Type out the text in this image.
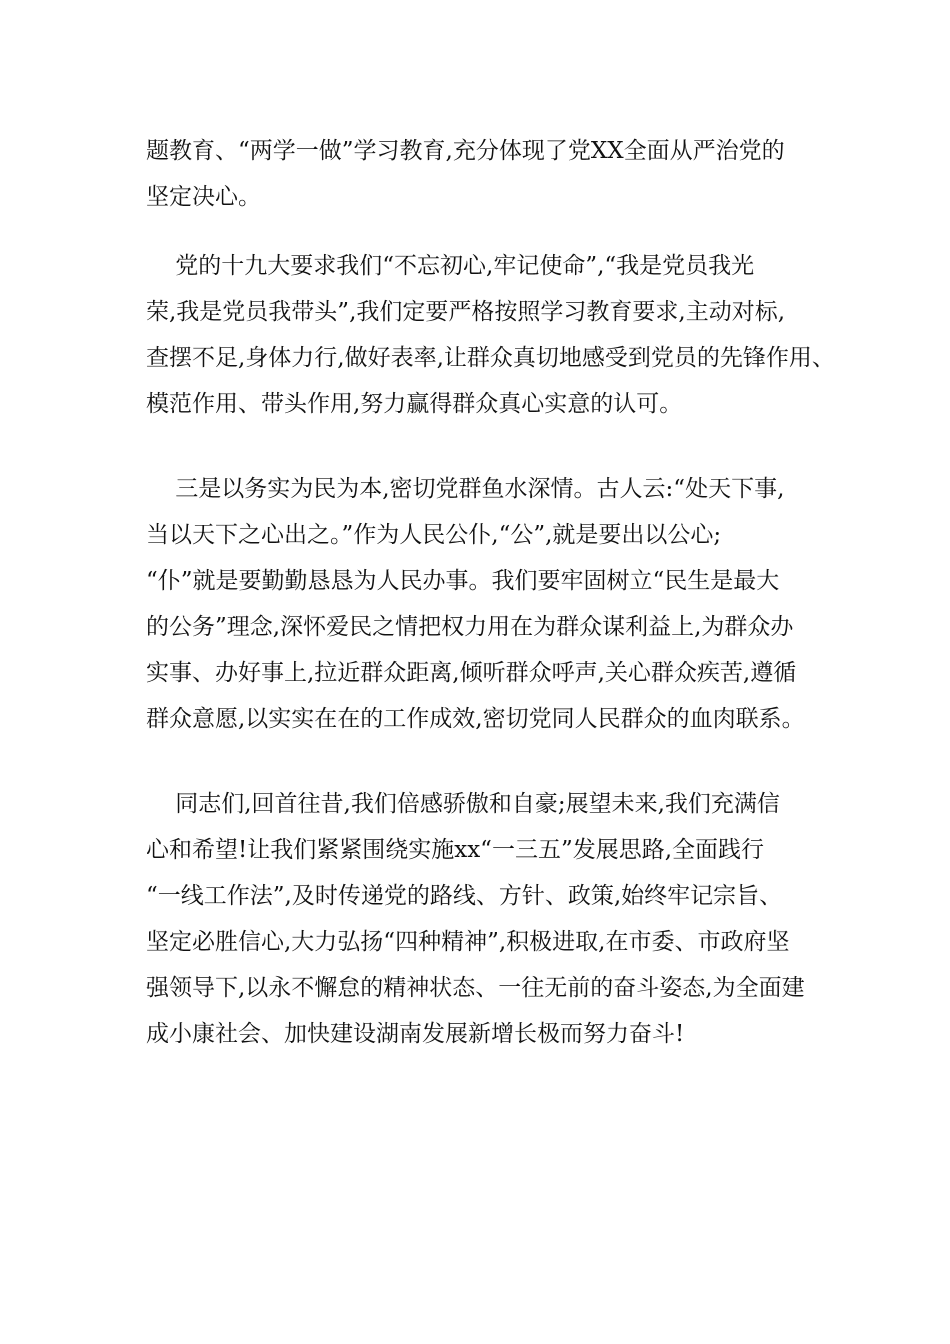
题教育、“两学一做”学习教育,充分体现了党XX全面从严治党的
坚定决心。
党的十九大要求我们“不忘初心,牢记使命”,“我是党员我光
荣,我是党员我带头”,我们定要严格按照学习教育要求,主动对标,
查摆不足,身体力行,做好表率,让群众真切地感受到党员的先锋作用、
模范作用、带头作用,努力赢得群众真心实意的认可。
三是以务实为民为本,密切党群鱼水深情。古人云:“处天下事,
当以天下之心出之。”作为人民公仆,“公”,就是要出以公心;
“仆”就是要勤勤恳恳为人民办事。我们要牢固树立“民生是最大
的公务”理念,深怀爱民之情把权力用在为群众谋利益上,为群众办
实事、办好事上,拉近群众距离,倾听群众呼声,关心群众疾苦,遵循
群众意愿,以实实在在的工作成效,密切党同人民群众的血肉联系。
同志们,回首往昔,我们倍感骄傲和自豪;展望未来,我们充满信
心和希望!让我们紧紧围绕实施xx“一三五”发展思路,全面践行
“一线工作法”,及时传递党的路线、方针、政策,始终牢记宗旨、
坚定必胜信心,大力弘扬“四种精神”,积极进取,在市委、市政府坚
强领导下,以永不懈怠的精神状态、一往无前的奋斗姿态,为全面建
成小康社会、加快建设湖南发展新增长极而努力奋斗!
